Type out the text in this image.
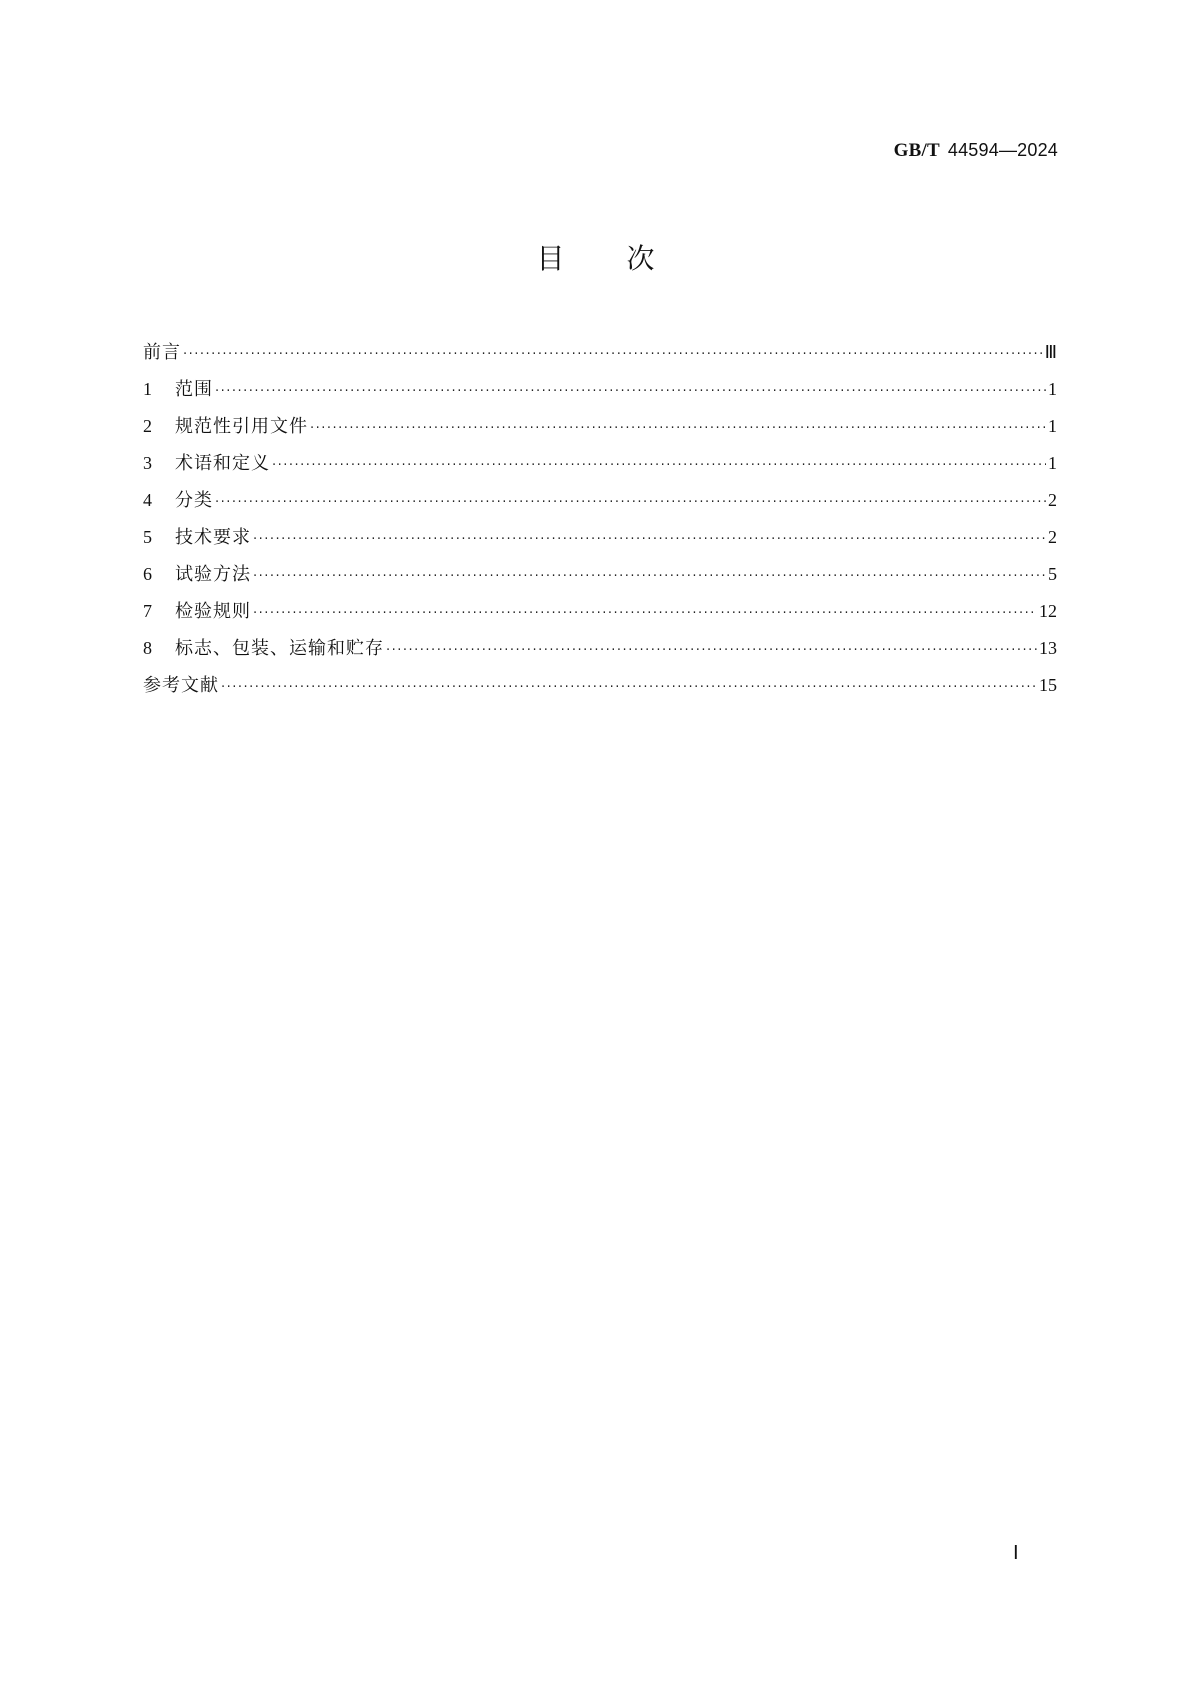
GB/T 44594—2024
目次
前言 ·····	Ⅲ
1	范围 ·····	1
2	规范性引用文件 ·····	1
3	术语和定义 ·····	1
4	分类 ·····	2
5	技术要求 ·····	2
6	试验方法 ·····	5
7	检验规则 ·····	12
8	标志、包装、运输和贮存 ·····	13
参考文献 ·····	15
Ⅰ
